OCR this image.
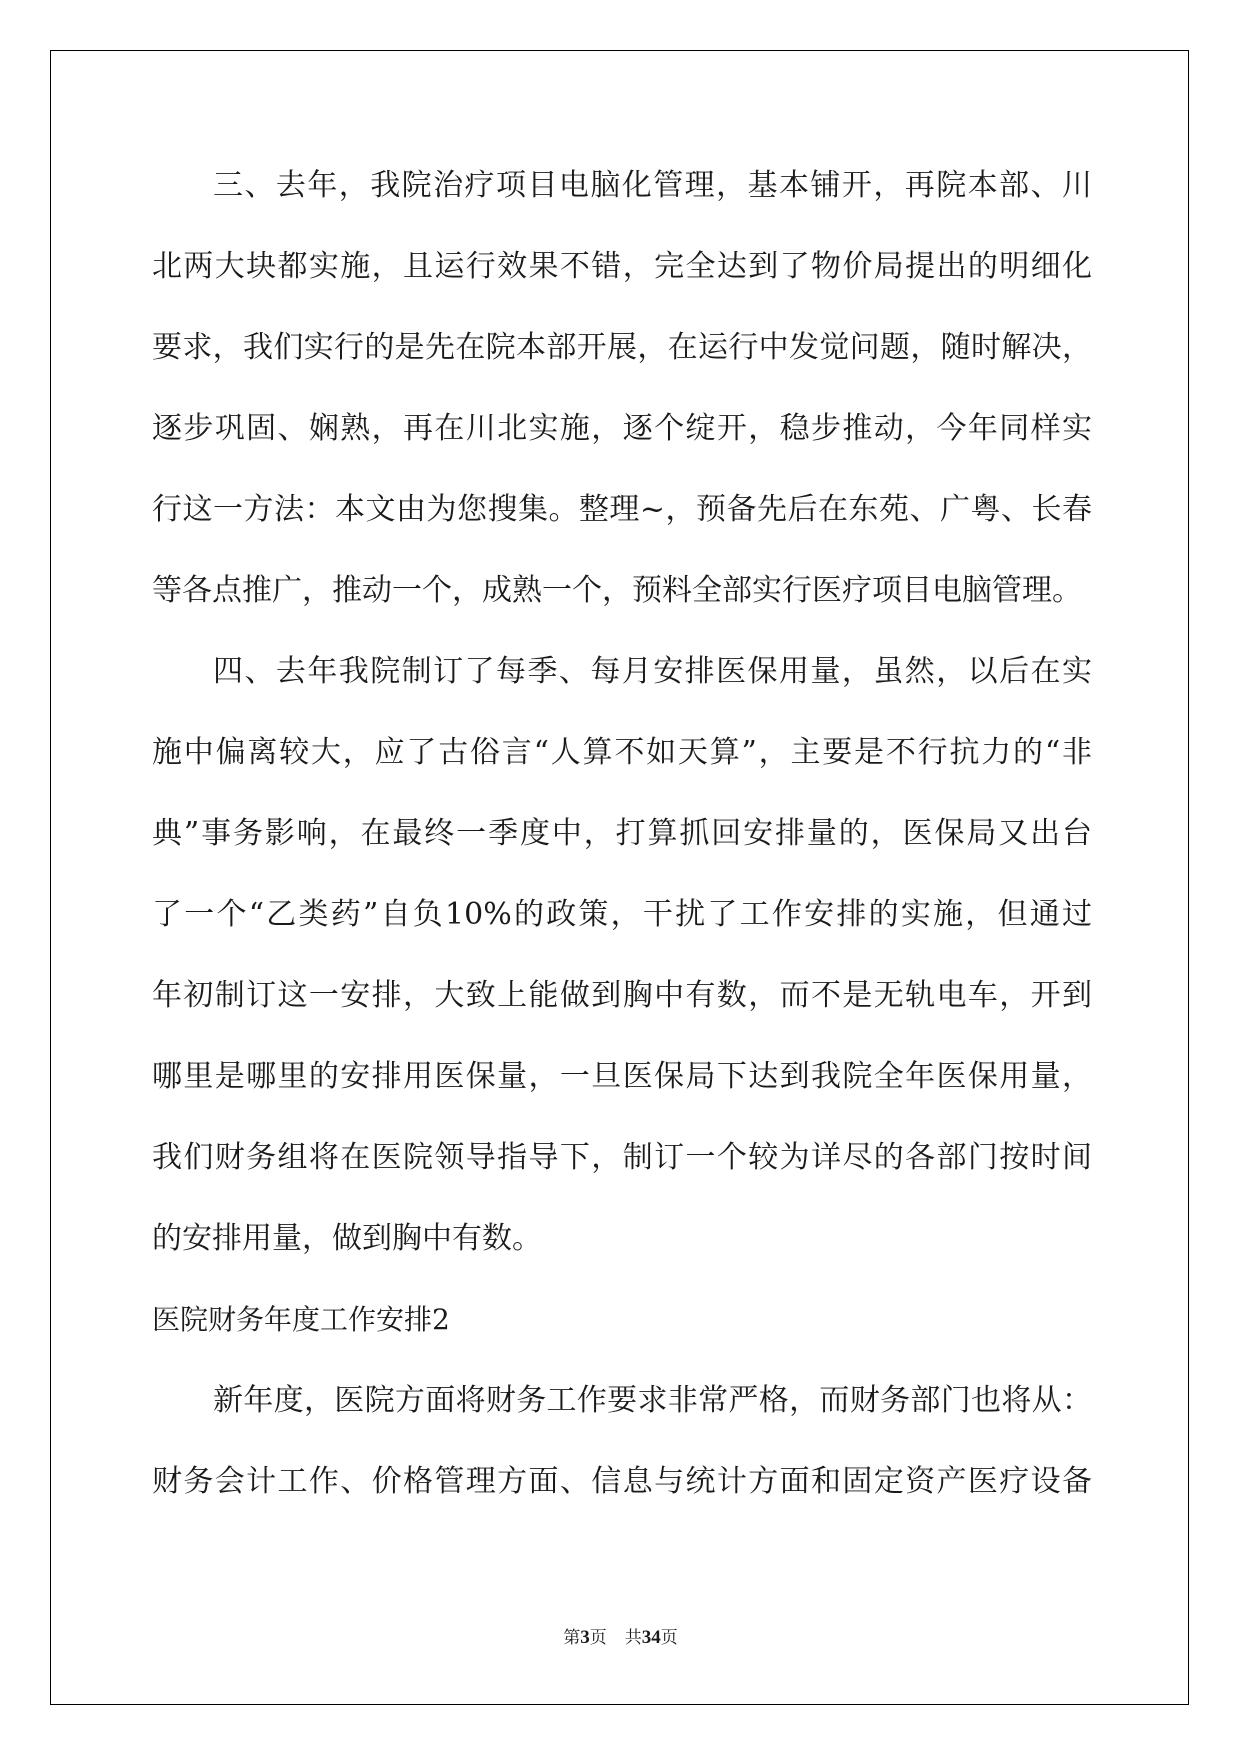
三、去年，我院治疗项目电脑化管理，基本铺开，再院本部、川
北两大块都实施，且运行效果不错，完全达到了物价局提出的明细化
要求，我们实行的是先在院本部开展，在运行中发觉问题，随时解决，
逐步巩固、娴熟，再在川北实施，逐个绽开，稳步推动，今年同样实
行这一方法：本文由为您搜集。整理~，预备先后在东苑、广粤、长春
等各点推广，推动一个，成熟一个，预料全部实行医疗项目电脑管理。
四、去年我院制订了每季、每月安排医保用量，虽然，以后在实
施中偏离较大，应了古俗言“人算不如天算”，主要是不行抗力的“非
典”事务影响，在最终一季度中，打算抓回安排量的，医保局又出台
了一个“乙类药”自负10%的政策，干扰了工作安排的实施，但通过
年初制订这一安排，大致上能做到胸中有数，而不是无轨电车，开到
哪里是哪里的安排用医保量，一旦医保局下达到我院全年医保用量，
我们财务组将在医院领导指导下，制订一个较为详尽的各部门按时间
的安排用量，做到胸中有数。
医院财务年度工作安排2
新年度，医院方面将财务工作要求非常严格，而财务部门也将从：
财务会计工作、价格管理方面、信息与统计方面和固定资产医疗设备
第3页 共34页
